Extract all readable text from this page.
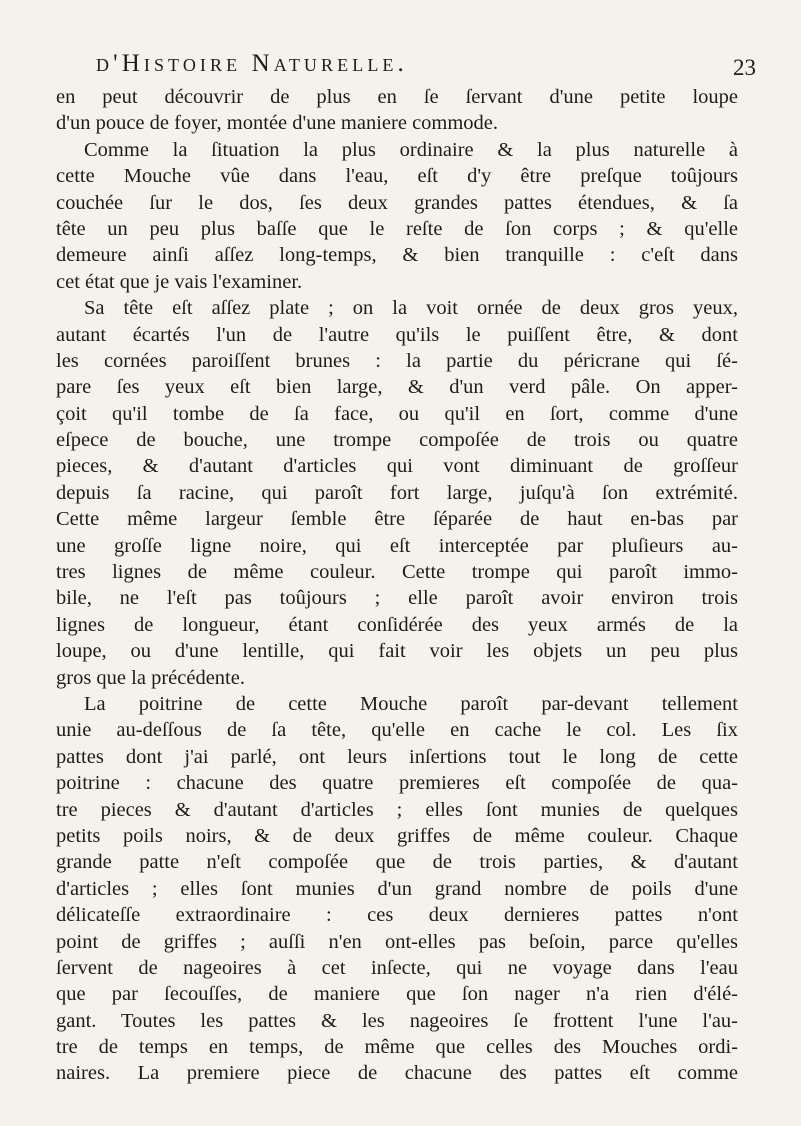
d'Histoire Naturelle.	23
en peut découvrir de plus en ſe ſervant d'une petite loupe
d'un pouce de foyer, montée d'une maniere commode.
Comme la ſituation la plus ordinaire & la plus naturelle à
cette Mouche vûe dans l'eau, eſt d'y être preſque toûjours
couchée ſur le dos, ſes deux grandes pattes étendues, & ſa
tête un peu plus baſſe que le reſte de ſon corps ; & qu'elle
demeure ainſi aſſez long-temps, & bien tranquille : c'eſt dans
cet état que je vais l'examiner.
Sa tête eſt aſſez plate ; on la voit ornée de deux gros yeux,
autant écartés l'un de l'autre qu'ils le puiſſent être, & dont
les cornées paroiſſent brunes : la partie du péricrane qui ſé-
pare ſes yeux eſt bien large, & d'un verd pâle. On apper-
çoit qu'il tombe de ſa face, ou qu'il en ſort, comme d'une
eſpece de bouche, une trompe compoſée de trois ou quatre
pieces, & d'autant d'articles qui vont diminuant de groſſeur
depuis ſa racine, qui paroît fort large, juſqu'à ſon extrémité.
Cette même largeur ſemble être ſéparée de haut en-bas par
une groſſe ligne noire, qui eſt interceptée par pluſieurs au-
tres lignes de même couleur. Cette trompe qui paroît immo-
bile, ne l'eſt pas toûjours ; elle paroît avoir environ trois
lignes de longueur, étant conſidérée des yeux armés de la
loupe, ou d'une lentille, qui fait voir les objets un peu plus
gros que la précédente.
La poitrine de cette Mouche paroît par-devant tellement
unie au-deſſous de ſa tête, qu'elle en cache le col. Les ſix
pattes dont j'ai parlé, ont leurs inſertions tout le long de cette
poitrine : chacune des quatre premieres eſt compoſée de qua-
tre pieces & d'autant d'articles ; elles ſont munies de quelques
petits poils noirs, & de deux griffes de même couleur. Chaque
grande patte n'eſt compoſée que de trois parties, & d'autant
d'articles ; elles ſont munies d'un grand nombre de poils d'une
délicateſſe extraordinaire : ces deux dernieres pattes n'ont
point de griffes ; auſſi n'en ont-elles pas beſoin, parce qu'elles
ſervent de nageoires à cet inſecte, qui ne voyage dans l'eau
que par ſecouſſes, de maniere que ſon nager n'a rien d'élé-
gant. Toutes les pattes & les nageoires ſe frottent l'une l'au-
tre de temps en temps, de même que celles des Mouches ordi-
naires. La premiere piece de chacune des pattes eſt comme
